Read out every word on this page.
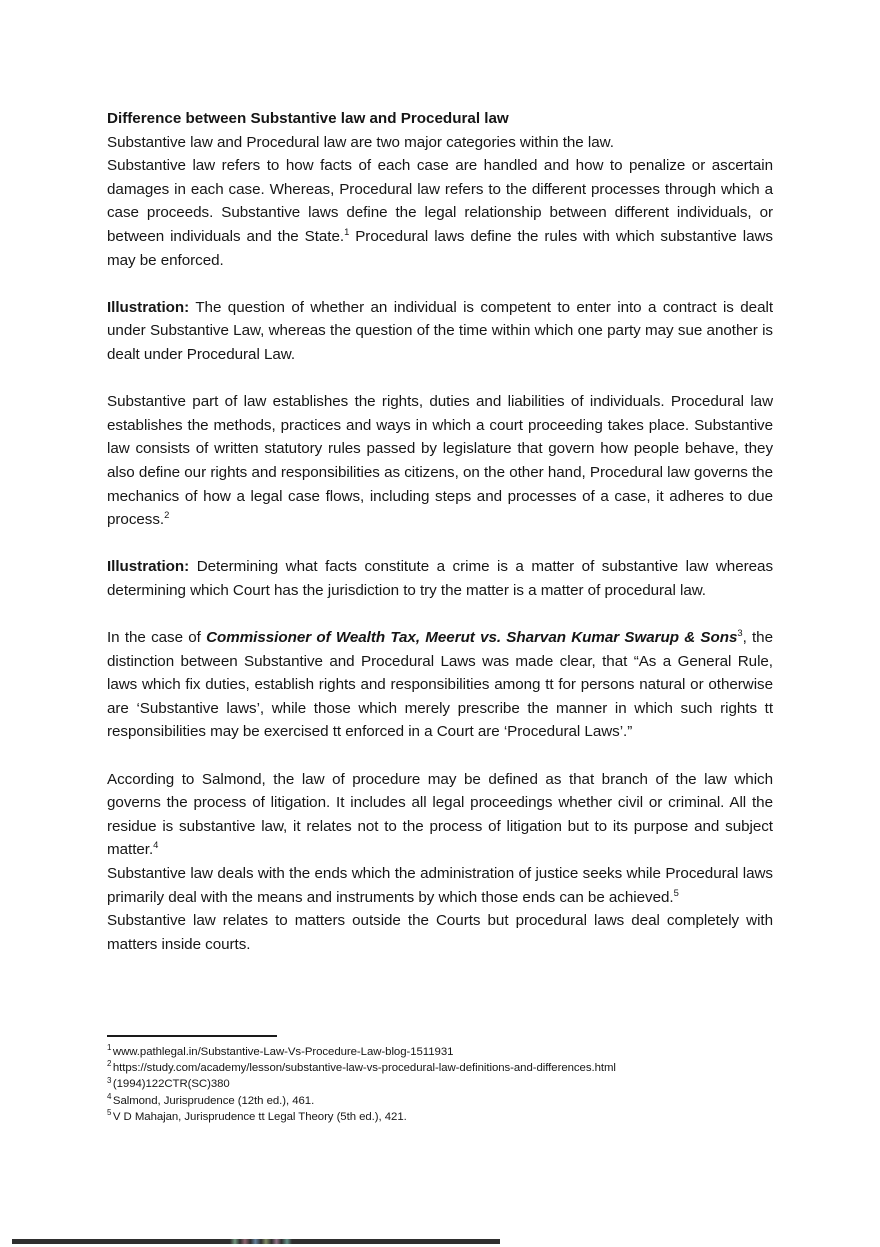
Difference between Substantive law and Procedural law

Substantive law and Procedural law are two major categories within the law.

Substantive law refers to how facts of each case are handled and how to penalize or ascertain damages in each case. Whereas, Procedural law refers to the different processes through which a case proceeds. Substantive laws define the legal relationship between different individuals, or between individuals and the State.$^1$ Procedural laws define the rules with which substantive laws may be enforced.

Illustration: The question of whether an individual is competent to enter into a contract is dealt under Substantive Law, whereas the question of the time within which one party may sue another is dealt under Procedural Law.

Substantive part of law establishes the rights, duties and liabilities of individuals. Procedural law establishes the methods, practices and ways in which a court proceeding takes place. Substantive law consists of written statutory rules passed by legislature that govern how people behave, they also define our rights and responsibilities as citizens, on the other hand, Procedural law governs the mechanics of how a legal case flows, including steps and processes of a case, it adheres to due process.$^2$

Illustration: Determining what facts constitute a crime is a matter of substantive law whereas determining which Court has the jurisdiction to try the matter is a matter of procedural law.

In the case of Commissioner of Wealth Tax, Meerut vs. Sharvan Kumar Swarup & Sons$^3$, the distinction between Substantive and Procedural Laws was made clear, that “As a General Rule, laws which fix duties, establish rights and responsibilities among tt for persons natural or otherwise are ‘Substantive laws’, while those which merely prescribe the manner in which such rights tt responsibilities may be exercised tt enforced in a Court are ‘Procedural Laws’.”

According to Salmond, the law of procedure may be defined as that branch of the law which governs the process of litigation. It includes all legal proceedings whether civil or criminal. All the residue is substantive law, it relates not to the process of litigation but to its purpose and subject matter.$^4$

Substantive law deals with the ends which the administration of justice seeks while Procedural laws primarily deal with the means and instruments by which those ends can be achieved.$^5$

Substantive law relates to matters outside the Courts but procedural laws deal completely with matters inside courts.

$^1$ www.pathlegal.in/Substantive-Law-Vs-Procedure-Law-blog-1511931

$^2$ https://study.com/academy/lesson/substantive-law-vs-procedural-law-definitions-and-differences.html

$^3$ (1994)122CTR(SC)380

$^4$ Salmond, Jurisprudence (12th ed.), 461.

$^5$ V D Mahajan, Jurisprudence tt Legal Theory (5th ed.), 421.
